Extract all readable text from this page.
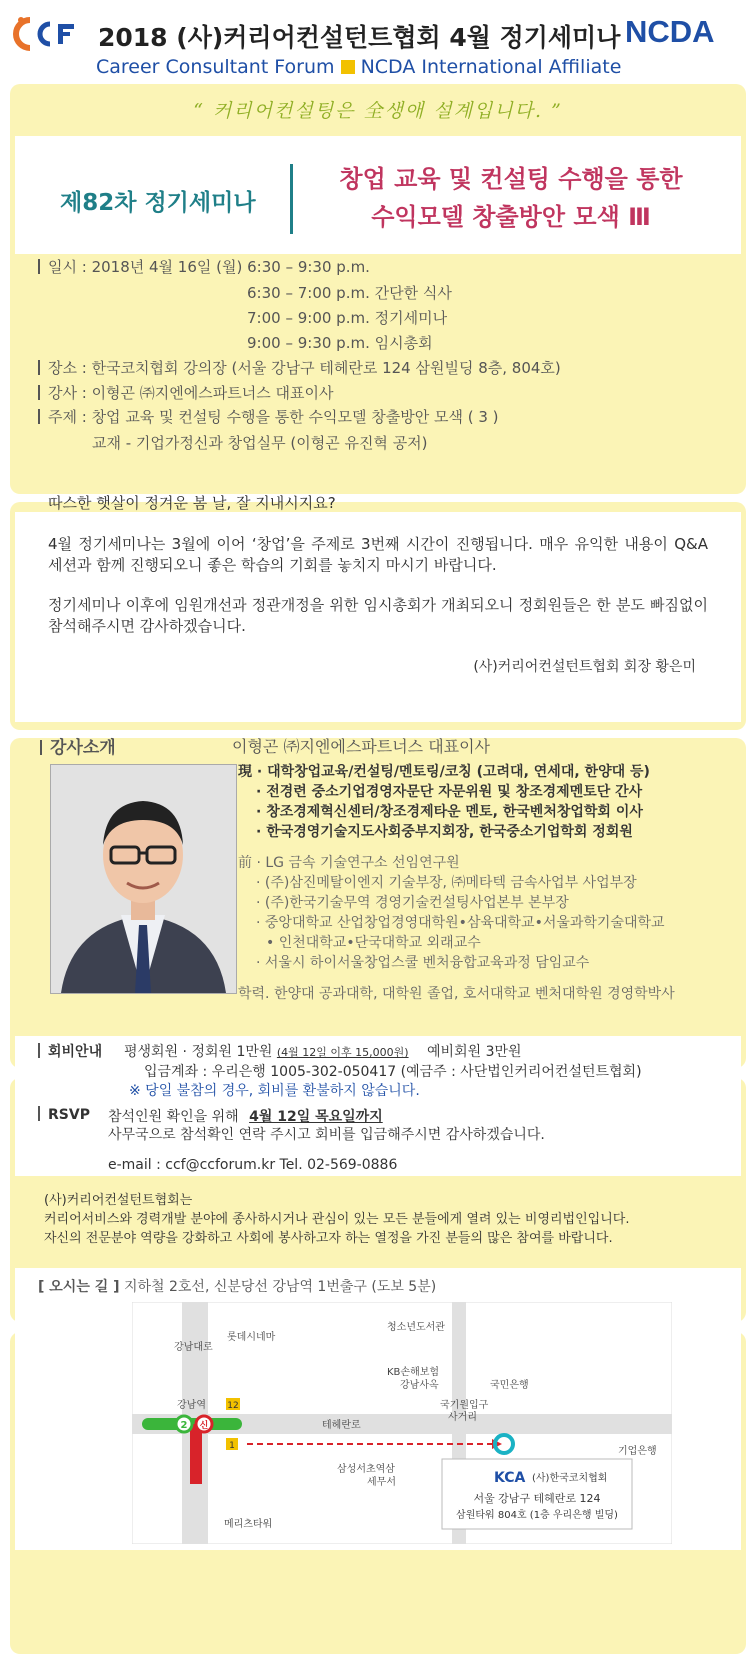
2018 (사)커리어컨설턴트협회 4월 정기세미나 NCDA
Career Consultant Forum NCDA International Affiliate
“ 커리어컨설팅은 全생애 설계입니다. ”
제82차 정기세미나
창업 교육 및 컨설팅 수행을 통한
수익모델 창출방안 모색 Ⅲ
일시 : 2018년 4월 16일 (월) 6:30 – 9:30 p.m.
6:30 – 7:00 p.m. 간단한 식사
7:00 – 9:00 p.m. 정기세미나
9:00 – 9:30 p.m. 임시총회
장소 : 한국코치협회 강의장 (서울 강남구 테헤란로 124 삼원빌딩 8층, 804호)
강사 : 이형곤 ㈜지엔에스파트너스 대표이사
주제 : 창업 교육 및 컨설팅 수행을 통한 수익모델 창출방안 모색 ( 3 )
교재 - 기업가정신과 창업실무 (이형곤 유진혁 공저)
따스한 햇살이 정겨운 봄 날, 잘 지내시지요?
4월 정기세미나는 3월에 이어 ‘창업’을 주제로 3번째 시간이 진행됩니다. 매우 유익한 내용이 Q&A 세션과 함께 진행되오니 좋은 학습의 기회를 놓치지 마시기 바랍니다.
정기세미나 이후에 임원개선과 정관개정을 위한 임시총회가 개최되오니 정회원들은 한 분도 빠짐없이 참석해주시면 감사하겠습니다.
(사)커리어컨설턴트협회 회장 황은미
강사소개	이형곤 ㈜지엔에스파트너스 대표이사
現 · 대학창업교육/컨설팅/멘토링/코칭 (고려대, 연세대, 한양대 등)
· 전경련 중소기업경영자문단 자문위원 및 창조경제멘토단 간사
· 창조경제혁신센터/창조경제타운 멘토, 한국벤처창업학회 이사
· 한국경영기술지도사회중부지회장, 한국중소기업학회 정회원
前 · LG 금속 기술연구소 선임연구원
· (주)삼진메탈이엔지 기술부장, ㈜메타텍 금속사업부 사업부장
· (주)한국기술무역 경영기술컨설팅사업본부 본부장
· 중앙대학교 산업창업경영대학원•삼육대학교•서울과학기술대학교
• 인천대학교•단국대학교 외래교수
· 서울시 하이서울창업스쿨 벤처융합교육과정 담임교수
학력. 한양대 공과대학, 대학원 졸업, 호서대학교 벤처대학원 경영학박사
회비안내 평생회원 · 정회원 1만원 (4월 12일 이후 15,000원) 예비회원 3만원
입금계좌 : 우리은행 1005-302-050417 (예금주 : 사단법인커리어컨설턴트협회)
※ 당일 불참의 경우, 회비를 환불하지 않습니다.
RSVP 참석인원 확인을 위해 4월 12일 목요일까지
사무국으로 참석확인 연락 주시고 회비를 입금해주시면 감사하겠습니다.
e-mail : ccf@ccforum.kr Tel. 02-569-0886
(사)커리어컨설턴트협회는
커리어서비스와 경력개발 분야에 종사하시거나 관심이 있는 모든 분들에게 열려 있는 비영리법인입니다.
자신의 전문분야 역량을 강화하고 사회에 봉사하고자 하는 열정을 가진 분들의 많은 참여를 바랍니다.
[ 오시는 길 ] 지하철 2호선, 신분당선 강남역 1번출구 (도보 5분)
2 신
강남대로
롯데시네마
청소년도서관
KB손해보험
강남사옥	국민은행
강남역 12
테헤란로
국기원입구
사거리
1	기업은행
삼성서초역삼
세무서
메리츠타워
KCA (사)한국코치협회
서울 강남구 테헤란로 124
삼원타워 804호 (1층 우리은행 빌딩)
